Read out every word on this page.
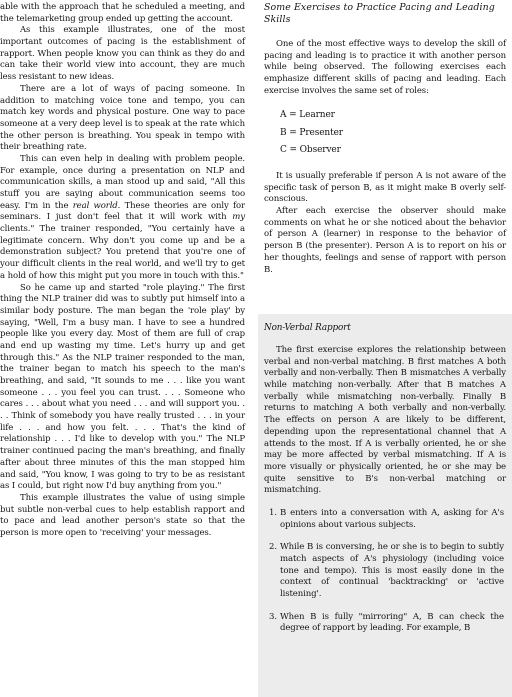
able with the approach that he scheduled a meeting, and the telemarketing group ended up getting the account.

As this example illustrates, one of the most important outcomes of pacing is the establishment of rapport. When people know you can think as they do and can take their world view into account, they are much less resistant to new ideas.

There are a lot of ways of pacing someone. In addition to matching voice tone and tempo, you can match key words and physical posture. One way to pace someone at a very deep level is to speak at the rate which the other person is breathing. You speak in tempo with their breathing rate.

This can even help in dealing with problem people. For example, once during a presentation on NLP and communication skills, a man stood up and said, "All this stuff you are saying about communication seems too easy. I'm in the real world. These theories are only for seminars. I just don't feel that it will work with my clients." The trainer responded, "You certainly have a legitimate concern. Why don't you come up and be a demonstration subject? You pretend that you're one of your difficult clients in the real world, and we'll try to get a hold of how this might put you more in touch with this."

So he came up and started "role playing." The first thing the NLP trainer did was to subtly put himself into a similar body posture. The man began the 'role play' by saying, "Well, I'm a busy man. I have to see a hundred people like you every day. Most of them are full of crap and end up wasting my time. Let's hurry up and get through this." As the NLP trainer responded to the man, the trainer began to match his speech to the man's breathing, and said, "It sounds to me . . . like you want someone . . . you feel you can trust. . . . Someone who cares . . . about what you need . . . and will support you. . . . Think of somebody you have really trusted . . . in your life . . . and how you felt. . . . That's the kind of relationship . . . I'd like to develop with you." The NLP trainer continued pacing the man's breathing, and finally after about three minutes of this the man stopped him and said, "You know, I was going to try to be as resistant as I could, but right now I'd buy anything from you."

This example illustrates the value of using simple but subtle non-verbal cues to help establish rapport and to pace and lead another person's state so that the person is more open to 'receiving' your messages.

Some Exercises to Practice Pacing and Leading Skills

One of the most effective ways to develop the skill of pacing and leading is to practice it with another person while being observed. The following exercises each emphasize different skills of pacing and leading. Each exercise involves the same set of roles:

A = Learner
B = Presenter
C = Observer

It is usually preferable if person A is not aware of the specific task of person B, as it might make B overly self-conscious.

After each exercise the observer should make comments on what he or she noticed about the behavior of person A (learner) in response to the behavior of person B (the presenter). Person A is to report on his or her thoughts, feelings and sense of rapport with person B.

Non-Verbal Rapport

The first exercise explores the relationship between verbal and non-verbal matching. B first matches A both verbally and non-verbally. Then B mismatches A verbally while matching non-verbally. After that B matches A verbally while mismatching non-verbally. Finally B returns to matching A both verbally and non-verbally. The effects on person A are likely to be different, depending upon the representational channel that A attends to the most. If A is verbally oriented, he or she may be more affected by verbal mismatching. If A is more visually or physically oriented, he or she may be quite sensitive to B's non-verbal matching or mismatching.

1. B enters into a conversation with A, asking for A's opinions about various subjects.
2. While B is conversing, he or she is to begin to subtly match aspects of A's physiology (including voice tone and tempo). This is most easily done in the context of continual 'backtracking' or 'active listening'.
3. When B is fully "mirroring" A, B can check the degree of rapport by leading. For example, B
